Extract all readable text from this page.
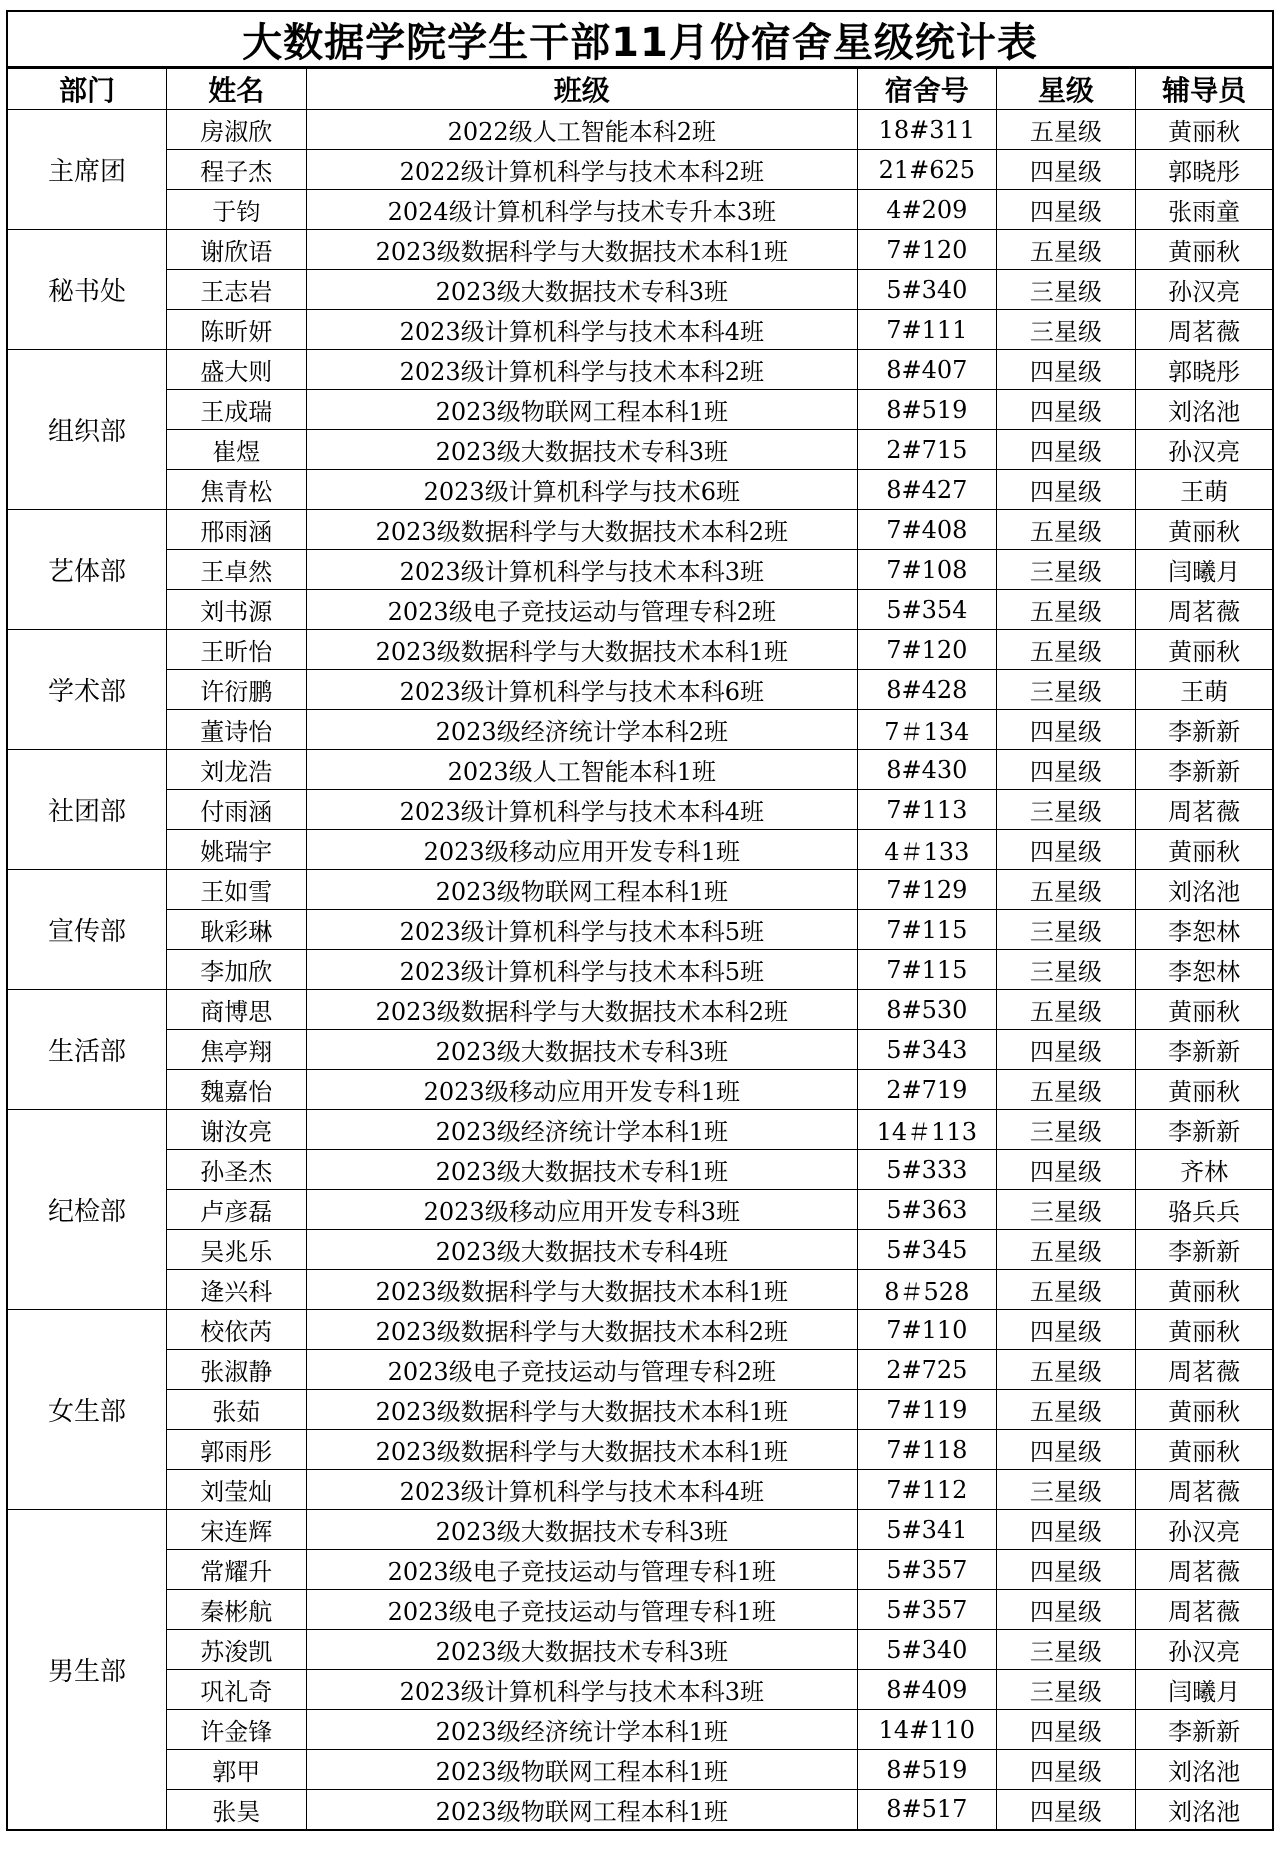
大数据学院学生干部11月份宿舍星级统计表
部门	姓名	班级	宿舍号	星级	辅导员
主席团	房淑欣	2022级人工智能本科2班	18#311	五星级	黄丽秋
	程子杰	2022级计算机科学与技术本科2班	21#625	四星级	郭晓彤
	于钧	2024级计算机科学与技术专升本3班	4#209	四星级	张雨童
秘书处	谢欣语	2023级数据科学与大数据技术本科1班	7#120	五星级	黄丽秋
	王志岩	2023级大数据技术专科3班	5#340	三星级	孙汉亮
	陈昕妍	2023级计算机科学与技术本科4班	7#111	三星级	周茗薇
组织部	盛大则	2023级计算机科学与技术本科2班	8#407	四星级	郭晓彤
	王成瑞	2023级物联网工程本科1班	8#519	四星级	刘洺池
	崔煜	2023级大数据技术专科3班	2#715	四星级	孙汉亮
	焦青松	2023级计算机科学与技术6班	8#427	四星级	王萌
艺体部	邢雨涵	2023级数据科学与大数据技术本科2班	7#408	五星级	黄丽秋
	王卓然	2023级计算机科学与技术本科3班	7#108	三星级	闫曦月
	刘书源	2023级电子竞技运动与管理专科2班	5#354	五星级	周茗薇
学术部	王昕怡	2023级数据科学与大数据技术本科1班	7#120	五星级	黄丽秋
	许衍鹏	2023级计算机科学与技术本科6班	8#428	三星级	王萌
	董诗怡	2023级经济统计学本科2班	7＃134	四星级	李新新
社团部	刘龙浩	2023级人工智能本科1班	8#430	四星级	李新新
	付雨涵	2023级计算机科学与技术本科4班	7#113	三星级	周茗薇
	姚瑞宇	2023级移动应用开发专科1班	4＃133	四星级	黄丽秋
宣传部	王如雪	2023级物联网工程本科1班	7#129	五星级	刘洺池
	耿彩琳	2023级计算机科学与技术本科5班	7#115	三星级	李恕林
	李加欣	2023级计算机科学与技术本科5班	7#115	三星级	李恕林
生活部	商博思	2023级数据科学与大数据技术本科2班	8#530	五星级	黄丽秋
	焦亭翔	2023级大数据技术专科3班	5#343	四星级	李新新
	魏嘉怡	2023级移动应用开发专科1班	2#719	五星级	黄丽秋
纪检部	谢汝亮	2023级经济统计学本科1班	14＃113	三星级	李新新
	孙圣杰	2023级大数据技术专科1班	5#333	四星级	齐林
	卢彦磊	2023级移动应用开发专科3班	5#363	三星级	骆兵兵
	吴兆乐	2023级大数据技术专科4班	5#345	五星级	李新新
	逄兴科	2023级数据科学与大数据技术本科1班	8＃528	五星级	黄丽秋
女生部	校依芮	2023级数据科学与大数据技术本科2班	7#110	四星级	黄丽秋
	张淑静	2023级电子竞技运动与管理专科2班	2#725	五星级	周茗薇
	张茹	2023级数据科学与大数据技术本科1班	7#119	五星级	黄丽秋
	郭雨彤	2023级数据科学与大数据技术本科1班	7#118	四星级	黄丽秋
	刘莹灿	2023级计算机科学与技术本科4班	7#112	三星级	周茗薇
男生部	宋连辉	2023级大数据技术专科3班	5#341	四星级	孙汉亮
	常耀升	2023级电子竞技运动与管理专科1班	5#357	四星级	周茗薇
	秦彬航	2023级电子竞技运动与管理专科1班	5#357	四星级	周茗薇
	苏浚凯	2023级大数据技术专科3班	5#340	三星级	孙汉亮
	巩礼奇	2023级计算机科学与技术本科3班	8#409	三星级	闫曦月
	许金锋	2023级经济统计学本科1班	14#110	四星级	李新新
	郭甲	2023级物联网工程本科1班	8#519	四星级	刘洺池
	张昊	2023级物联网工程本科1班	8#517	四星级	刘洺池
